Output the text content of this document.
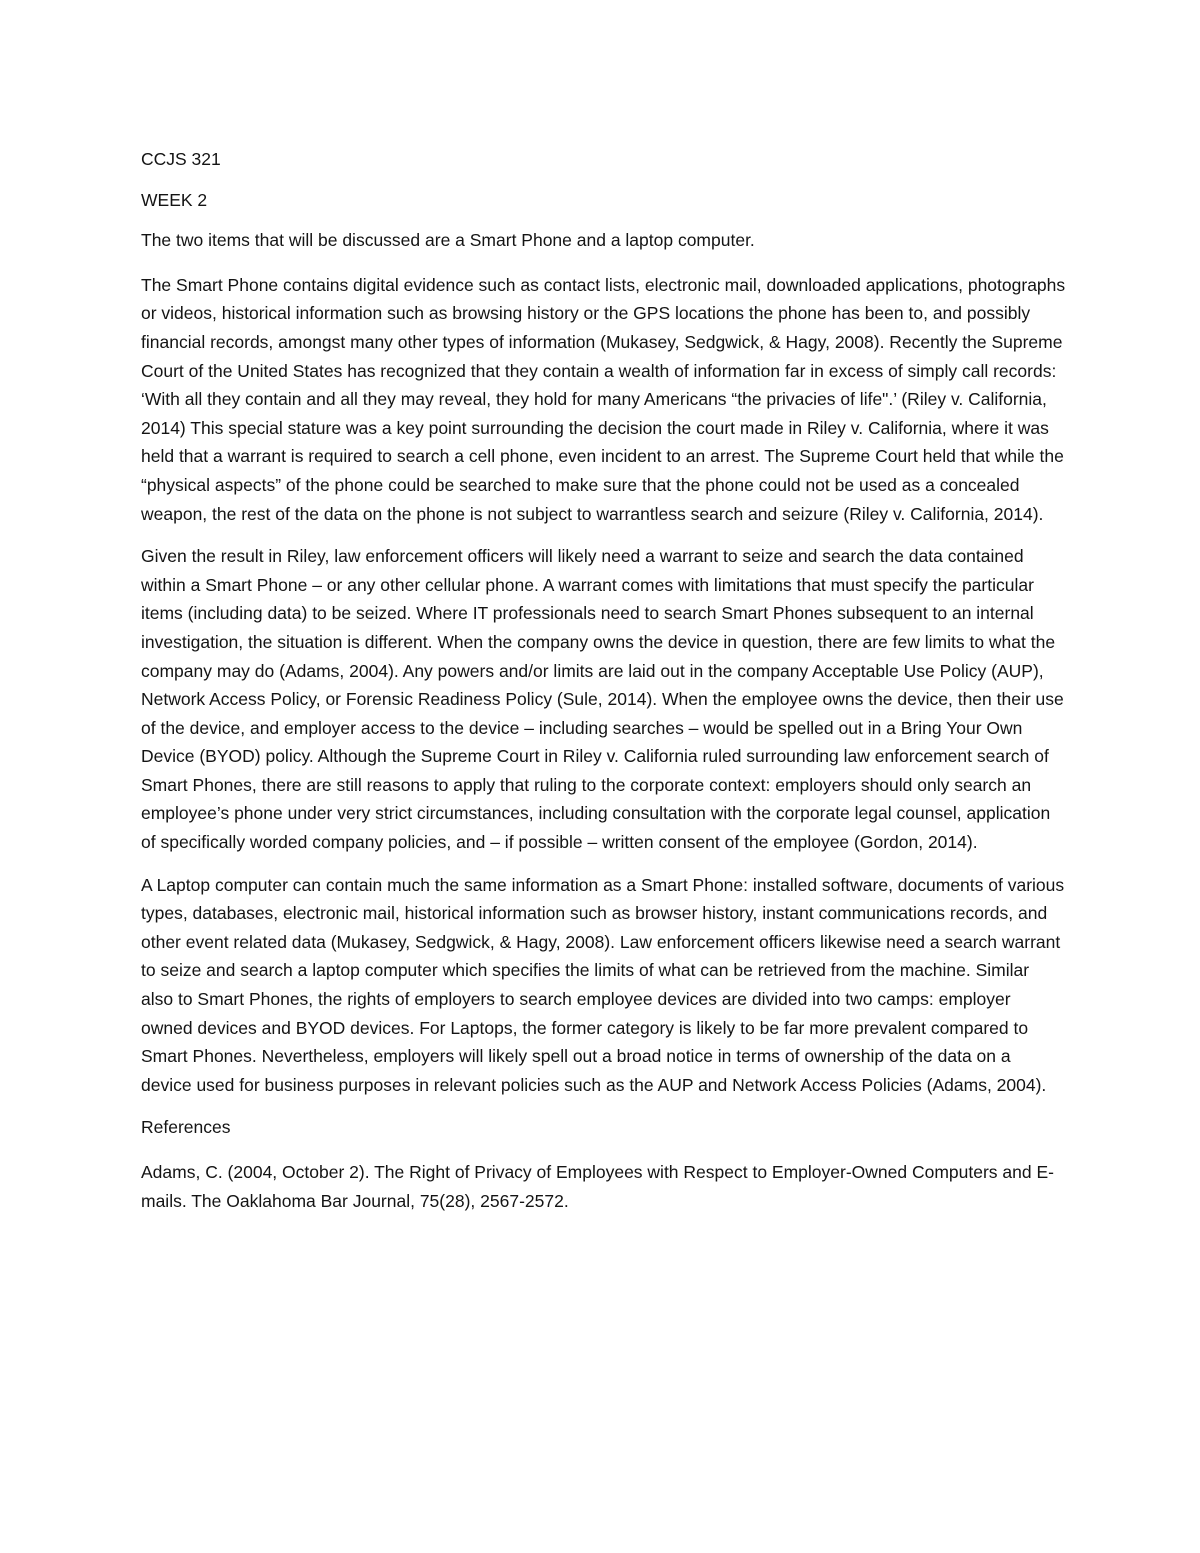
CCJS 321

WEEK 2

The two items that will be discussed are a Smart Phone and a laptop computer.

The Smart Phone contains digital evidence such as contact lists, electronic mail, downloaded applications, photographs or videos, historical information such as browsing history or the GPS locations the phone has been to, and possibly financial records, amongst many other types of information (Mukasey, Sedgwick, & Hagy, 2008). Recently the Supreme Court of the United States has recognized that they contain a wealth of information far in excess of simply call records: ‘With all they contain and all they may reveal, they hold for many Americans “the privacies of life".’ (Riley v. California, 2014) This special stature was a key point surrounding the decision the court made in Riley v. California, where it was held that a warrant is required to search a cell phone, even incident to an arrest. The Supreme Court held that while the “physical aspects” of the phone could be searched to make sure that the phone could not be used as a concealed weapon, the rest of the data on the phone is not subject to warrantless search and seizure (Riley v. California, 2014).

Given the result in Riley, law enforcement officers will likely need a warrant to seize and search the data contained within a Smart Phone – or any other cellular phone. A warrant comes with limitations that must specify the particular items (including data) to be seized. Where IT professionals need to search Smart Phones subsequent to an internal investigation, the situation is different. When the company owns the device in question, there are few limits to what the company may do (Adams, 2004). Any powers and/or limits are laid out in the company Acceptable Use Policy (AUP), Network Access Policy, or Forensic Readiness Policy (Sule, 2014). When the employee owns the device, then their use of the device, and employer access to the device – including searches – would be spelled out in a Bring Your Own Device (BYOD) policy. Although the Supreme Court in Riley v. California ruled surrounding law enforcement search of Smart Phones, there are still reasons to apply that ruling to the corporate context: employers should only search an employee’s phone under very strict circumstances, including consultation with the corporate legal counsel, application of specifically worded company policies, and – if possible – written consent of the employee (Gordon, 2014).

A Laptop computer can contain much the same information as a Smart Phone: installed software, documents of various types, databases, electronic mail, historical information such as browser history, instant communications records, and other event related data (Mukasey, Sedgwick, & Hagy, 2008). Law enforcement officers likewise need a search warrant to seize and search a laptop computer which specifies the limits of what can be retrieved from the machine. Similar also to Smart Phones, the rights of employers to search employee devices are divided into two camps: employer owned devices and BYOD devices. For Laptops, the former category is likely to be far more prevalent compared to Smart Phones. Nevertheless, employers will likely spell out a broad notice in terms of ownership of the data on a device used for business purposes in relevant policies such as the AUP and Network Access Policies (Adams, 2004).

References

Adams, C. (2004, October 2). The Right of Privacy of Employees with Respect to Employer-Owned Computers and E-mails. The Oaklahoma Bar Journal, 75(28), 2567-2572.
